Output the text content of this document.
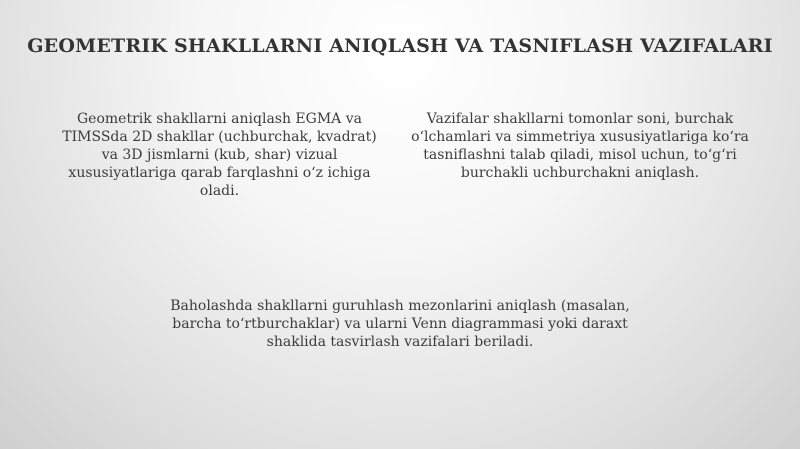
GEOMETRIK SHAKLLARNI ANIQLASH VA TASNIFLASH VAZIFALARI
Geometrik shakllarni aniqlash EGMA va TIMSSda 2D shakllar (uchburchak, kvadrat) va 3D jismlarni (kub, shar) vizual xususiyatlariga qarab farqlashni o‘z ichiga oladi.
Vazifalar shakllarni tomonlar soni, burchak o‘lchamlari va simmetriya xususiyatlariga ko‘ra tasniflashni talab qiladi, misol uchun, to‘g‘ri burchakli uchburchakni aniqlash.
Baholashda shakllarni guruhlash mezonlarini aniqlash (masalan, barcha to‘rtburchaklar) va ularni Venn diagrammasi yoki daraxt shaklida tasvirlash vazifalari beriladi.
